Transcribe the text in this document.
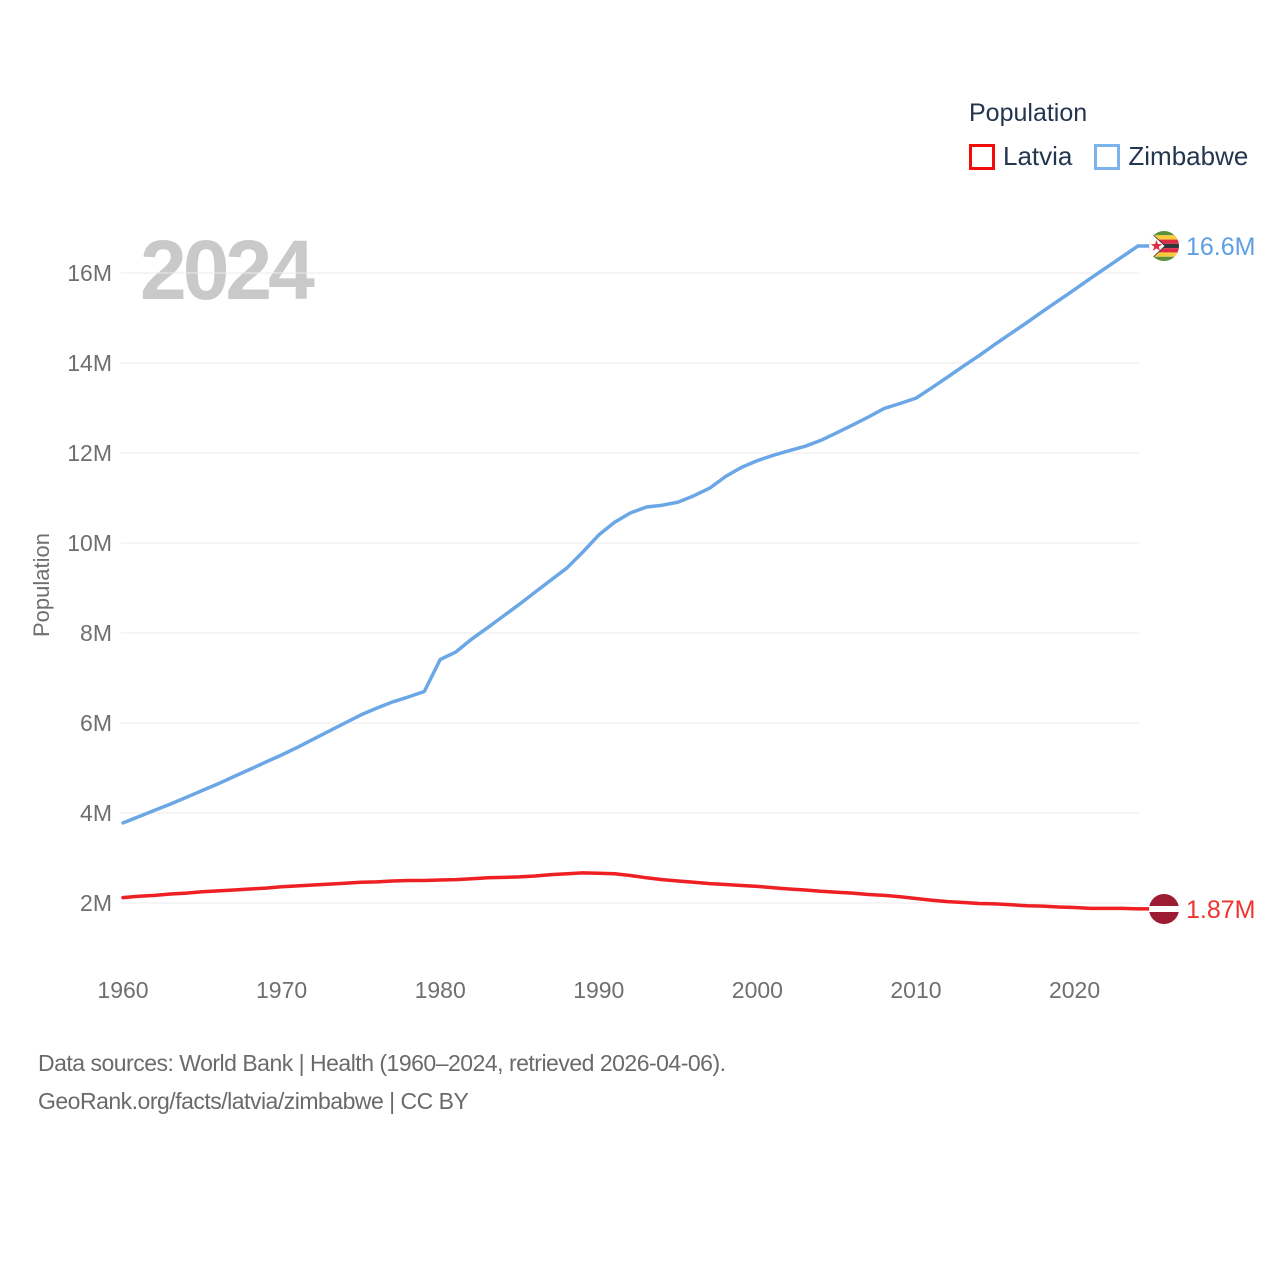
2024
Population
Latvia Zimbabwe
Population
2M
4M
6M
8M
10M
12M
14M
16M
1960	1970	1980	1990	2000	2010	2020
16.6M
1.87M
Data sources: World Bank | Health (1960–2024, retrieved 2026-04-06).
GeoRank.org/facts/latvia/zimbabwe | CC BY
